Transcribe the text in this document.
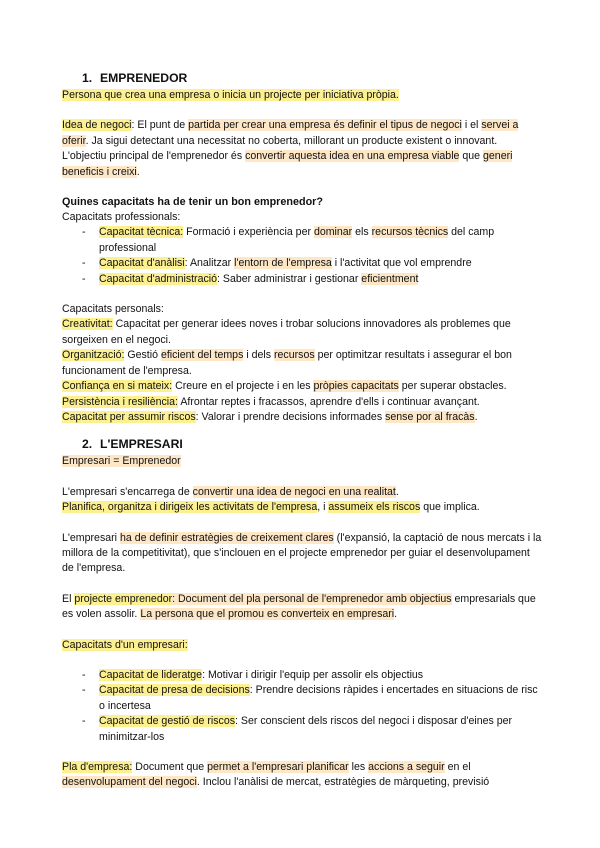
1. EMPRENEDOR

Persona que crea una empresa o inicia un projecte per iniciativa pròpia.

Idea de negoci: El punt de partida per crear una empresa és definir el tipus de negoci i el servei a oferir. Ja sigui detectant una necessitat no coberta, millorant un producte existent o innovant. L'objectiu principal de l'emprenedor és convertir aquesta idea en una empresa viable que generi beneficis i creixi.

Quines capacitats ha de tenir un bon emprenedor?

Capacitats professionals:

- Capacitat tècnica: Formació i experiència per dominar els recursos tècnics del camp professional
- Capacitat d'anàlisi: Analitzar l'entorn de l'empresa i l'activitat que vol emprendre
- Capacitat d'administració: Saber administrar i gestionar eficientment

Capacitats personals:

Creativitat: Capacitat per generar idees noves i trobar solucions innovadores als problemes que sorgeixen en el negoci.

Organització: Gestió eficient del temps i dels recursos per optimitzar resultats i assegurar el bon funcionament de l'empresa.

Confiança en si mateix: Creure en el projecte i en les pròpies capacitats per superar obstacles.

Persistència i resiliència: Afrontar reptes i fracassos, aprendre d'ells i continuar avançant.

Capacitat per assumir riscos: Valorar i prendre decisions informades sense por al fracàs.

2. L'EMPRESARI

Empresari = Emprenedor

L'empresari s'encarrega de convertir una idea de negoci en una realitat.

Planifica, organitza i dirigeix les activitats de l'empresa, i assumeix els riscos que implica.

L'empresari ha de definir estratègies de creixement clares (l'expansió, la captació de nous mercats i la millora de la competitivitat), que s'inclouen en el projecte emprenedor per guiar el desenvolupament de l'empresa.

El projecte emprenedor: Document del pla personal de l'emprenedor amb objectius empresarials que es volen assolir. La persona que el promou es converteix en empresari.

Capacitats d'un empresari:

- Capacitat de lideratge: Motivar i dirigir l'equip per assolir els objectius
- Capacitat de presa de decisions: Prendre decisions ràpides i encertades en situacions de risc o incertesa
- Capacitat de gestió de riscos: Ser conscient dels riscos del negoci i disposar d'eines per minimitzar-los

Pla d'empresa: Document que permet a l'empresari planificar les accions a seguir en el desenvolupament del negoci. Inclou l'anàlisi de mercat, estratègies de màrqueting, previsió
